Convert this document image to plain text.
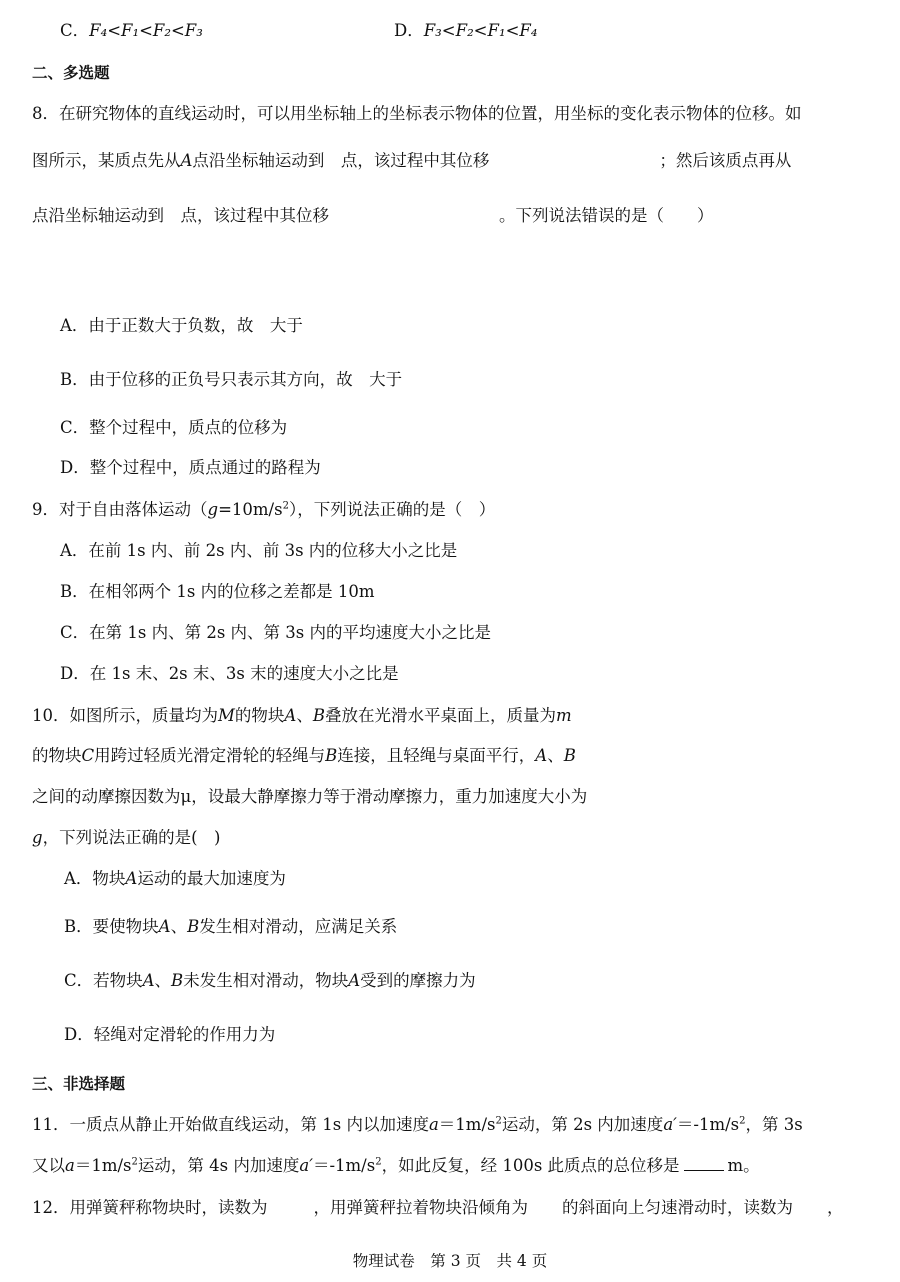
C．F₄<F₁<F₂<F₃	D．F₃<F₂<F₁<F₄
二、多选题
8．在研究物体的直线运动时，可以用坐标轴上的坐标表示物体的位置，用坐标的变化表示物体的位移。如
图所示，某质点先从A点沿坐标轴运动到　 点，该过程中其位移	；然后该质点再从
点沿坐标轴运动到　 点，该过程中其位移	。下列说法错误的是（　　）
A．由于正数大于负数，故　大于
B．由于位移的正负号只表示其方向，故　大于
C．整个过程中，质点的位移为
D．整个过程中，质点通过的路程为
9．对于自由落体运动$(g=10m/s^2)$，下列说法正确的是（　）
A．在前 1s 内、前 2s 内、前 3s 内的位移大小之比是
B．在相邻两个 1s 内的位移之差都是 10m
C．在第 1s 内、第 2s 内、第 3s 内的平均速度大小之比是
D．在 1s 末、2s 末、3s 末的速度大小之比是
10．如图所示，质量均为M的物块A、B叠放在光滑水平桌面上，质量为m
的物块C用跨过轻质光滑定滑轮的轻绳与B连接，且轻绳与桌面平行，A、B
之间的动摩擦因数为μ，设最大静摩擦力等于滑动摩擦力，重力加速度大小为
g，下列说法正确的是(　)
A．物块A运动的最大加速度为
B．要使物块A、B发生相对滑动，应满足关系
C．若物块A、B未发生相对滑动，物块A受到的摩擦力为
D．轻绳对定滑轮的作用力为
三、非选择题
11．一质点从静止开始做直线运动，第 1s 内以加速度$a=1m/s^2$运动，第 2s 内加速度$a'=-1m/s^2$，第 3s
又以$a=1m/s^2$运动，第 4s 内加速度$a'=-1m/s^2$，如此反复，经 100s 此质点的总位移是	m。
12．用弹簧秤称物块时，读数为	，用弹簧秤拉着物块沿倾角为 的斜面向上匀速滑动时，读数为 ，
物理试卷　第 3 页　共 4 页
